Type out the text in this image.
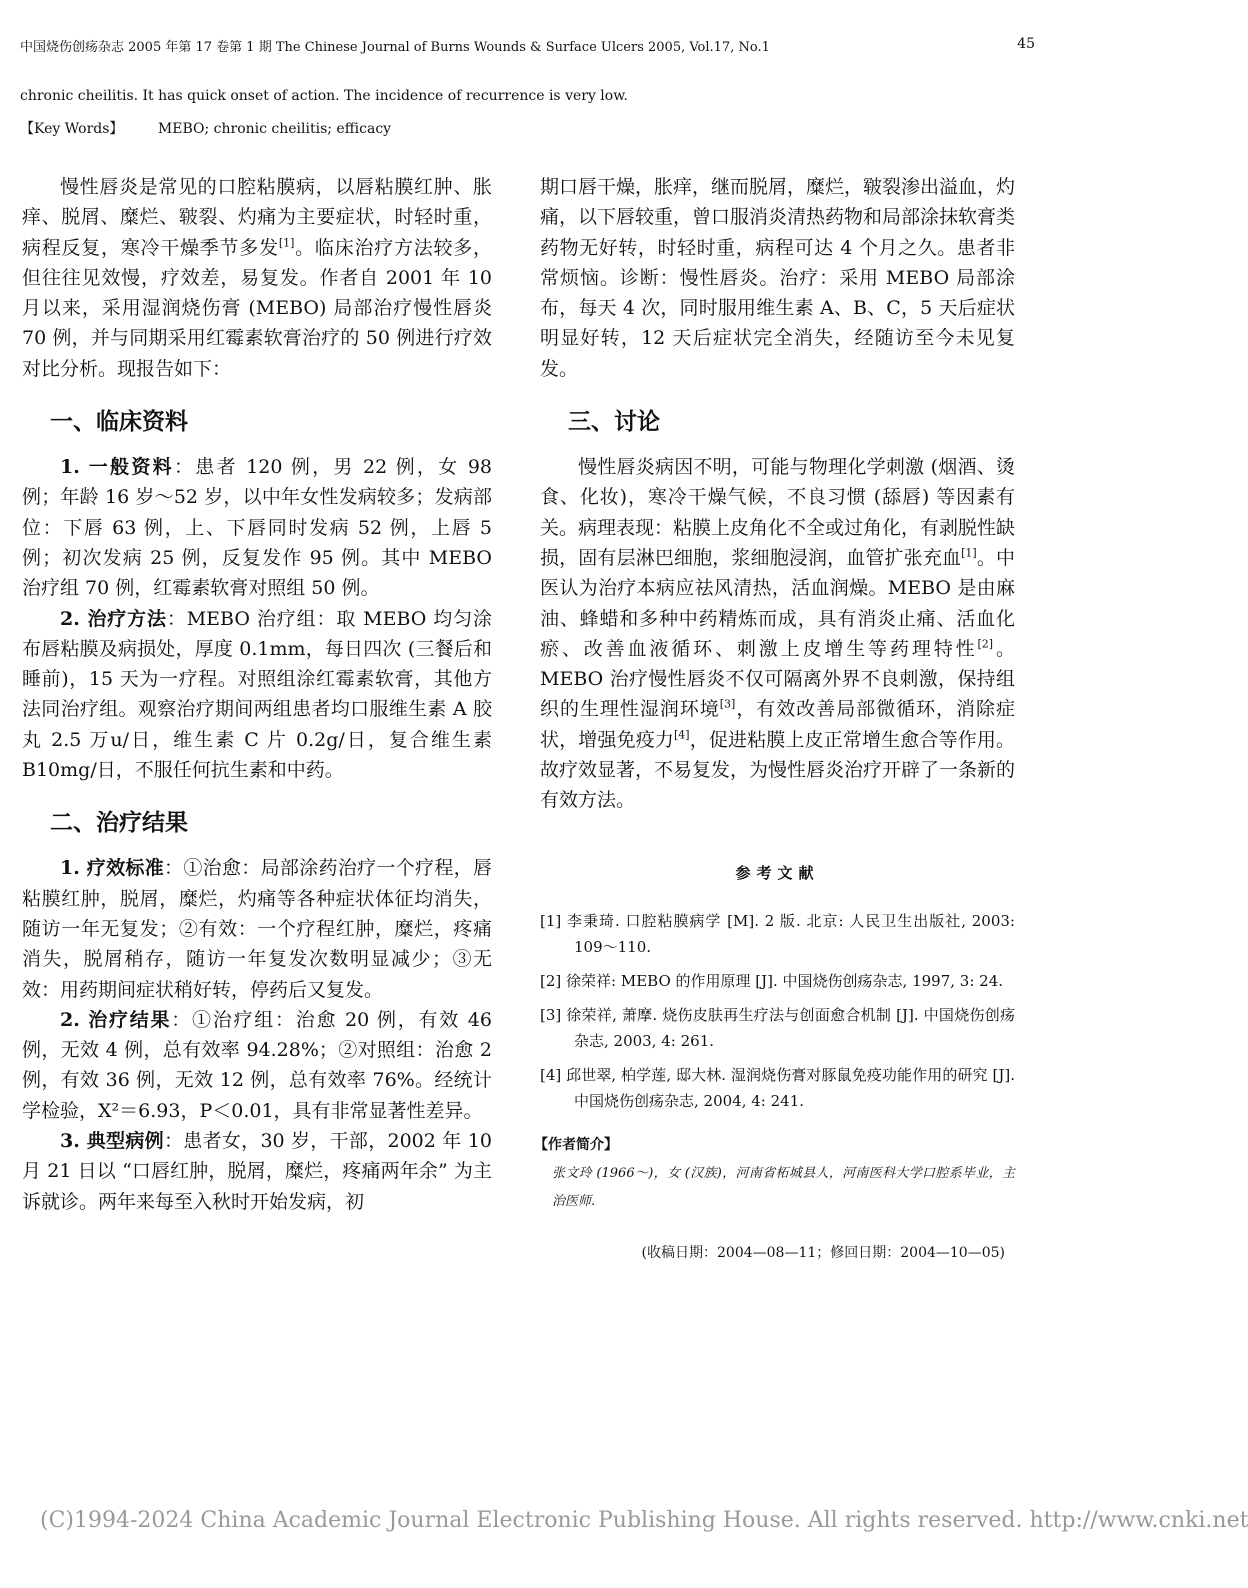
中国烧伤创疡杂志 2005 年第 17 卷第 1 期 The Chinese Journal of Burns Wounds & Surface Ulcers 2005, Vol.17, No.1	45
chronic cheilitis. It has quick onset of action. The incidence of recurrence is very low.
【Key Words】 MEBO; chronic cheilitis; efficacy

慢性唇炎是常见的口腔粘膜病，以唇粘膜红肿、胀痒、脱屑、糜烂、皲裂、灼痛为主要症状，时轻时重，病程反复，寒冷干燥季节多发[1]。临床治疗方法较多，但往往见效慢，疗效差，易复发。作者自 2001 年 10 月以来，采用湿润烧伤膏 (MEBO) 局部治疗慢性唇炎 70 例，并与同期采用红霉素软膏治疗的 50 例进行疗效对比分析。现报告如下：

一、临床资料

1. 一般资料：患者 120 例，男 22 例，女 98 例；年龄 16 岁～52 岁，以中年女性发病较多；发病部位：下唇 63 例，上、下唇同时发病 52 例，上唇 5 例；初次发病 25 例，反复发作 95 例。其中 MEBO 治疗组 70 例，红霉素软膏对照组 50 例。

2. 治疗方法：MEBO 治疗组：取 MEBO 均匀涂布唇粘膜及病损处，厚度 0.1mm，每日四次 (三餐后和睡前)，15 天为一疗程。对照组涂红霉素软膏，其他方法同治疗组。观察治疗期间两组患者均口服维生素 A 胶丸 2.5 万u/日，维生素 C 片 0.2g/日，复合维生素 B10mg/日，不服任何抗生素和中药。

二、治疗结果

1. 疗效标准：①治愈：局部涂药治疗一个疗程，唇粘膜红肿，脱屑，糜烂，灼痛等各种症状体征均消失，随访一年无复发；②有效：一个疗程红肿，糜烂，疼痛消失，脱屑稍存，随访一年复发次数明显减少；③无效：用药期间症状稍好转，停药后又复发。

2. 治疗结果：①治疗组：治愈 20 例，有效 46 例，无效 4 例，总有效率 94.28%；②对照组：治愈 2 例，有效 36 例，无效 12 例，总有效率 76%。经统计学检验，X²＝6.93，P＜0.01，具有非常显著性差异。

3. 典型病例：患者女，30 岁，干部，2002 年 10 月 21 日以 “口唇红肿，脱屑，糜烂，疼痛两年余” 为主诉就诊。两年来每至入秋时开始发病，初

期口唇干燥，胀痒，继而脱屑，糜烂，皲裂渗出溢血，灼痛，以下唇较重，曾口服消炎清热药物和局部涂抹软膏类药物无好转，时轻时重，病程可达 4 个月之久。患者非常烦恼。诊断：慢性唇炎。治疗：采用 MEBO 局部涂布，每天 4 次，同时服用维生素 A、B、C，5 天后症状明显好转，12 天后症状完全消失，经随访至今未见复发。

三、讨论

慢性唇炎病因不明，可能与物理化学刺激 (烟酒、烫食、化妆)，寒冷干燥气候，不良习惯 (舔唇) 等因素有关。病理表现：粘膜上皮角化不全或过角化，有剥脱性缺损，固有层淋巴细胞，浆细胞浸润，血管扩张充血[1]。中医认为治疗本病应祛风清热，活血润燥。MEBO 是由麻油、蜂蜡和多种中药精炼而成，具有消炎止痛、活血化瘀、改善血液循环、刺激上皮增生等药理特性[2]。MEBO 治疗慢性唇炎不仅可隔离外界不良刺激，保持组织的生理性湿润环境[3]，有效改善局部微循环，消除症状，增强免疫力[4]，促进粘膜上皮正常增生愈合等作用。故疗效显著，不易复发，为慢性唇炎治疗开辟了一条新的有效方法。

参考文献
[1] 李秉琦. 口腔粘膜病学 [M]. 2 版. 北京: 人民卫生出版社, 2003: 109～110.
[2] 徐荣祥: MEBO 的作用原理 [J]. 中国烧伤创疡杂志, 1997, 3: 24.
[3] 徐荣祥, 萧摩. 烧伤皮肤再生疗法与创面愈合机制 [J]. 中国烧伤创疡杂志, 2003, 4: 261.
[4] 邱世翠, 柏学莲, 邸大林. 湿润烧伤膏对豚鼠免疫功能作用的研究 [J]. 中国烧伤创疡杂志, 2004, 4: 241.
【作者简介】
张文玲 (1966～)，女 (汉族)，河南省柘城县人，河南医科大学口腔系毕业，主治医师.
(收稿日期：2004—08—11；修回日期：2004—10—05)
(C)1994-2024 China Academic Journal Electronic Publishing House. All rights reserved. http://www.cnki.net
